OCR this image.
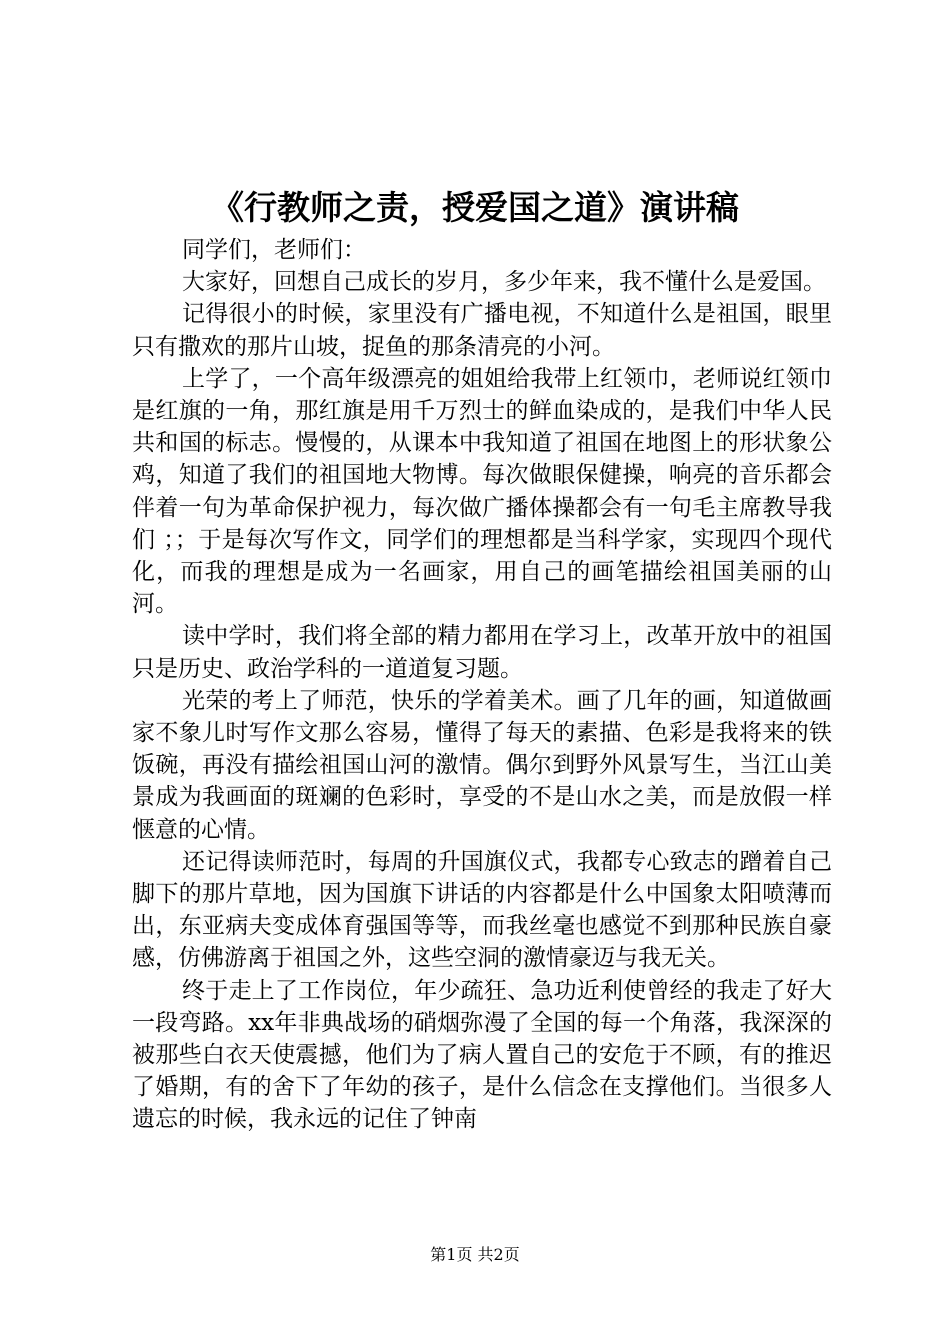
《行教师之责，授爱国之道》演讲稿

同学们，老师们：

大家好，回想自己成长的岁月，多少年来，我不懂什么是爱国。

记得很小的时候，家里没有广播电视，不知道什么是祖国，眼里只有撒欢的那片山坡，捉鱼的那条清亮的小河。

上学了，一个高年级漂亮的姐姐给我带上红领巾，老师说红领巾是红旗的一角，那红旗是用千万烈士的鲜血染成的，是我们中华人民共和国的标志。慢慢的，从课本中我知道了祖国在地图上的形状象公鸡，知道了我们的祖国地大物博。每次做眼保健操，响亮的音乐都会伴着一句为革命保护视力，每次做广播体操都会有一句毛主席教导我们 ；；于是每次写作文，同学们的理想都是当科学家，实现四个现代化，而我的理想是成为一名画家，用自己的画笔描绘祖国美丽的山河。

读中学时，我们将全部的精力都用在学习上，改革开放中的祖国只是历史、政治学科的一道道复习题。

光荣的考上了师范，快乐的学着美术。画了几年的画，知道做画家不象儿时写作文那么容易，懂得了每天的素描、色彩是我将来的铁饭碗，再没有描绘祖国山河的激情。偶尔到野外风景写生，当江山美景成为我画面的斑斓的色彩时，享受的不是山水之美，而是放假一样惬意的心情。

还记得读师范时，每周的升国旗仪式，我都专心致志的蹭着自己脚下的那片草地，因为国旗下讲话的内容都是什么中国象太阳喷薄而出，东亚病夫变成体育强国等等，而我丝毫也感觉不到那种民族自豪感，仿佛游离于祖国之外，这些空洞的激情豪迈与我无关。

终于走上了工作岗位，年少疏狂、急功近利使曾经的我走了好大一段弯路。xx年非典战场的硝烟弥漫了全国的每一个角落，我深深的被那些白衣天使震撼，他们为了病人置自己的安危于不顾，有的推迟了婚期，有的舍下了年幼的孩子，是什么信念在支撑他们。当很多人遗忘的时候，我永远的记住了钟南

第1页 共2页
